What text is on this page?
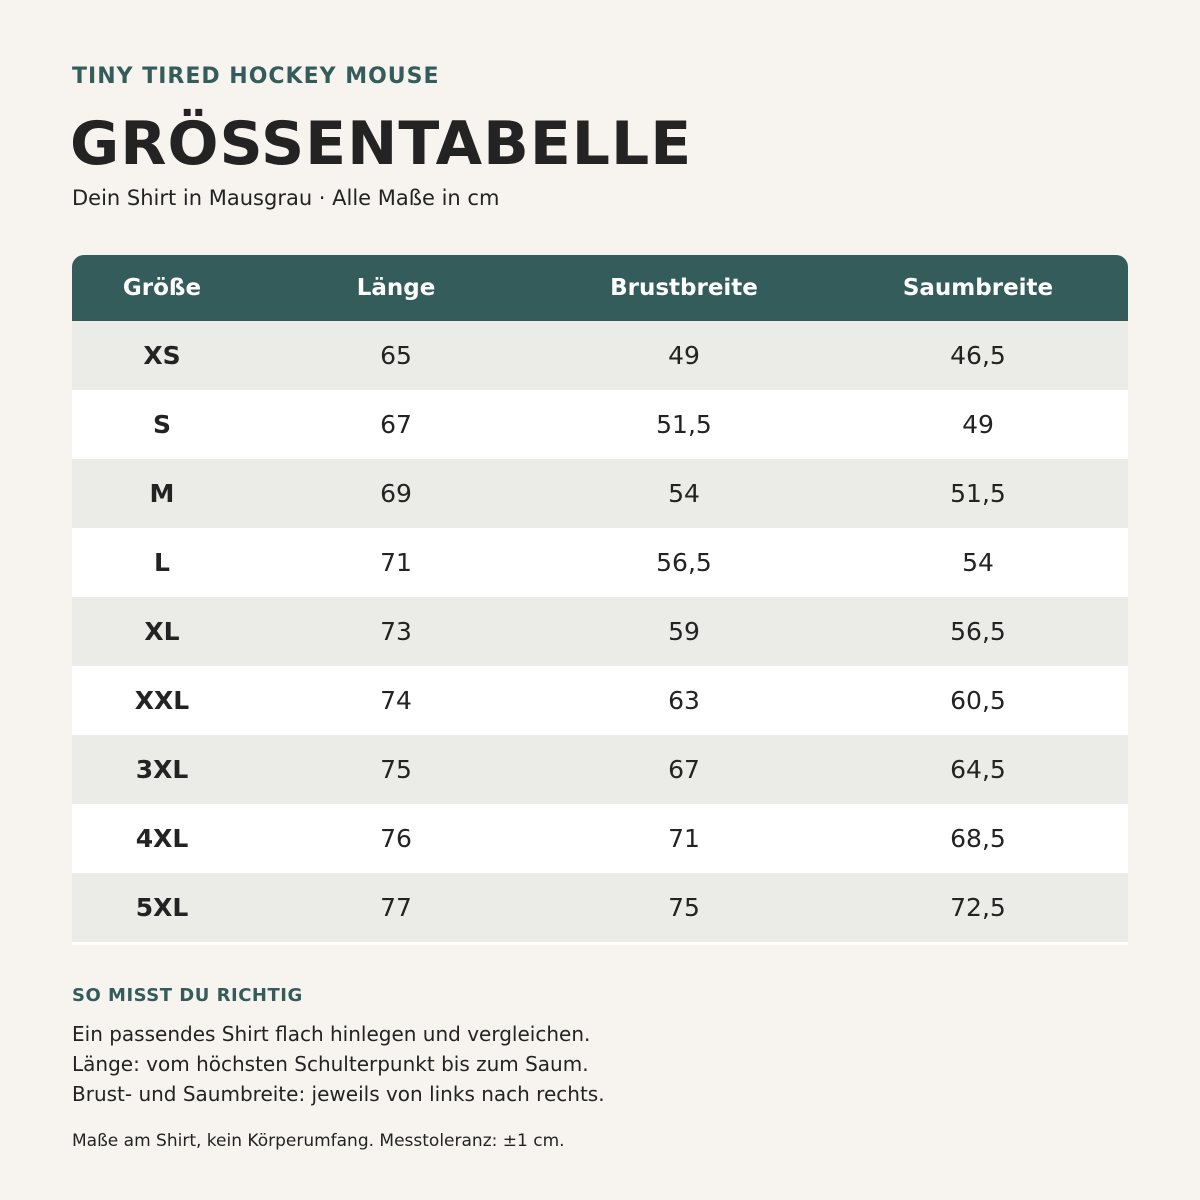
TINY TIRED HOCKEY MOUSE
GRÖSSENTABELLE
Dein Shirt in Mausgrau · Alle Maße in cm
Größe	Länge	Brustbreite	Saumbreite
XS	65	49	46,5
S	67	51,5	49
M	69	54	51,5
L	71	56,5	54
XL	73	59	56,5
XXL	74	63	60,5
3XL	75	67	64,5
4XL	76	71	68,5
5XL	77	75	72,5
SO MISST DU RICHTIG
Ein passendes Shirt flach hinlegen und vergleichen.
Länge: vom höchsten Schulterpunkt bis zum Saum.
Brust- und Saumbreite: jeweils von links nach rechts.
Maße am Shirt, kein Körperumfang. Messtoleranz: ±1 cm.
